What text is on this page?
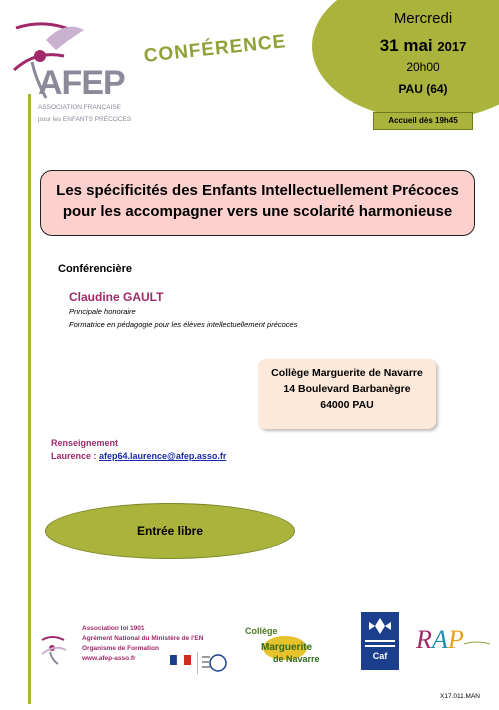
AFEP
ASSOCIATION FRANÇAISE
pour les ENFANTS PRÉCOCES
CONFÉRENCE
Mercredi
31 mai 2017
20h00
PAU (64)
Accueil dès 19h45
Les spécificités des Enfants Intellectuellement Précoces
pour les accompagner vers une scolarité harmonieuse
Conférencière
Claudine GAULT
Principale honoraire
Formatrice en pédagogie pour les élèves intellectuellement précoces
Collège Marguerite de Navarre
14 Boulevard Barbanègre
64000 PAU
Renseignement
Laurence : afep64.laurence@afep.asso.fr
Entrée libre
Association loi 1901
Agrément National du Ministère de l'EN
Organisme de Formation
www.afep-asso.fr
Collège
Marguerite
de Navarre	Caf
R A P
X17.011.MAN
